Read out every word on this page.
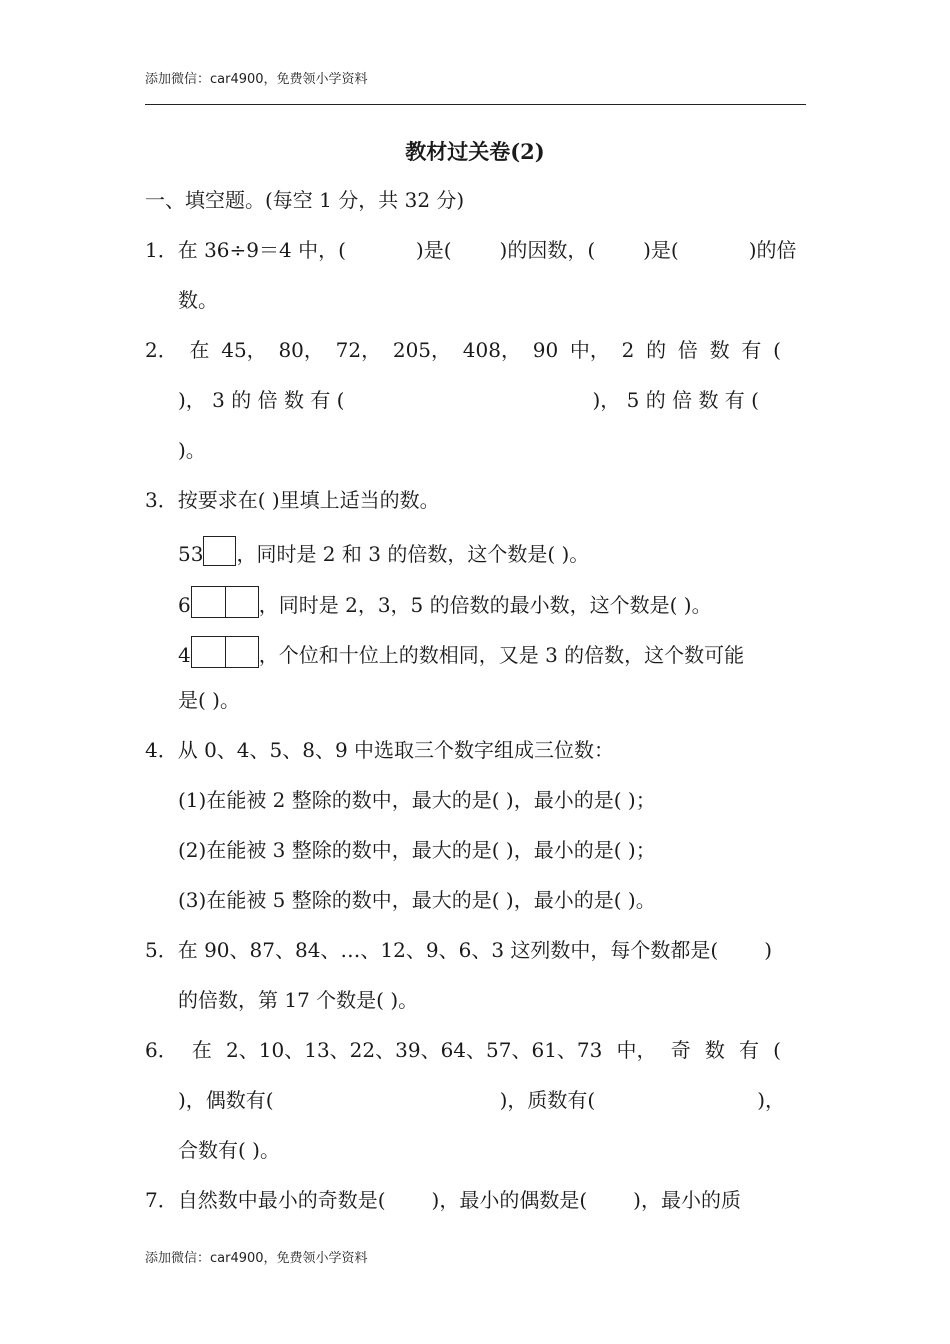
添加微信：car4900，免费领小学资料
教材过关卷(2)
一、填空题。(每空 1 分，共 32 分)
1．在 36÷9＝4 中，(	)是( )的因数，( )是(	)的倍
数。
2． 在 45， 80， 72， 205， 408， 90 中， 2 的 倍 数 有 (
)， 3 的 倍 数 有 (	)， 5 的 倍 数 有 (
)。
3．按要求在( )里填上适当的数。
53 ，同时是 2 和 3 的倍数，这个数是( )。
6	，同时是 2，3，5 的倍数的最小数，这个数是( )。
4	，个位和十位上的数相同，又是 3 的倍数，这个数可能
是( )。
4．从 0、4、5、8、9 中选取三个数字组成三位数：
(1)在能被 2 整除的数中，最大的是( )，最小的是( )；
(2)在能被 3 整除的数中，最大的是( )，最小的是( )；
(3)在能被 5 整除的数中，最大的是( )，最小的是( )。
5．在 90、87、84、…、12、9、6、3 这列数中，每个数都是( )
的倍数，第 17 个数是( )。
6． 在 2、10、13、22、39、64、57、61、73 中， 奇 数 有 (
)，偶数有(	)，质数有(	)，
合数有( )。
7．自然数中最小的奇数是( )，最小的偶数是( )，最小的质
添加微信：car4900，免费领小学资料
